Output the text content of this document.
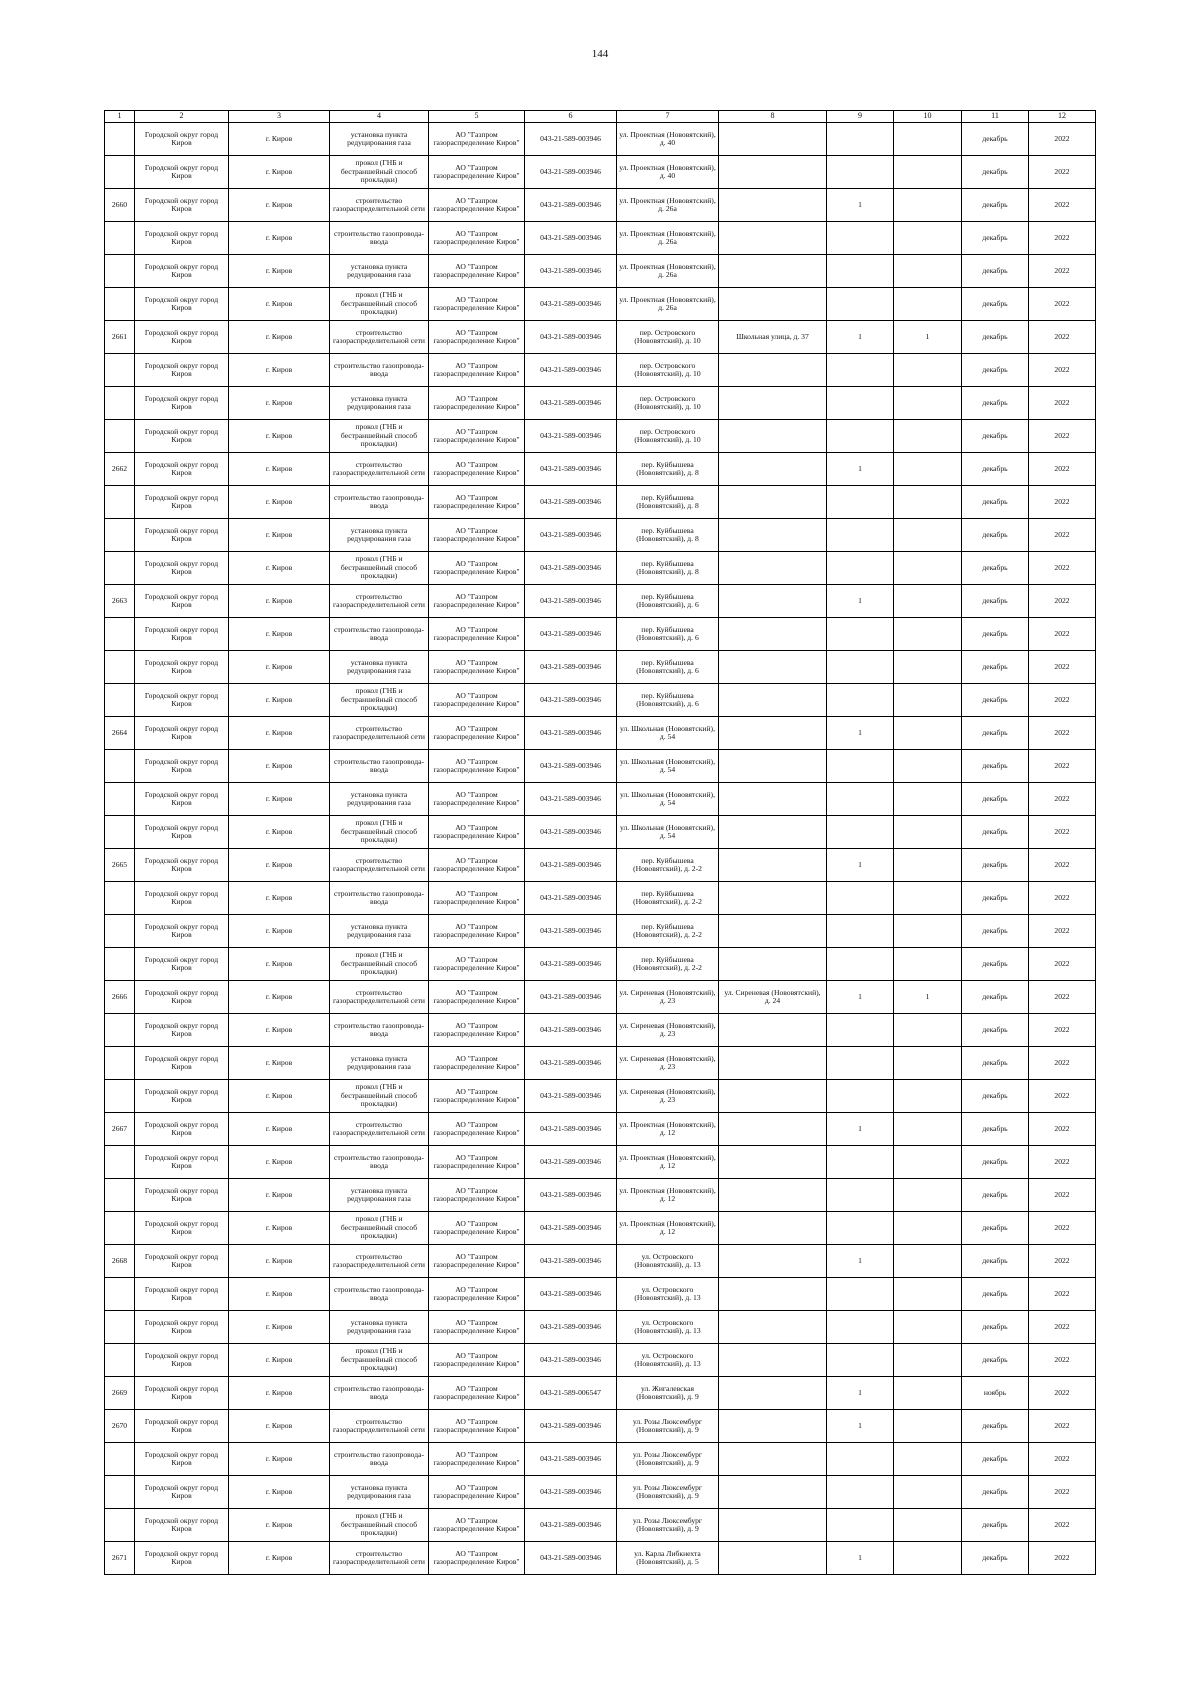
144
1	2	3	4	5	6	7	8	9	10	11	12

	Городской округ город Киров	г. Киров	установка пункта редуцирования газа	АО "Газпром газораспределение Киров"	043-21-589-003946	ул. Проектная (Нововятский), д. 40				декабрь	2022

	Городской округ город Киров	г. Киров	прокол (ГНБ и бестраншейный способ прокладки)	АО "Газпром газораспределение Киров"	043-21-589-003946	ул. Проектная (Нововятский), д. 40				декабрь	2022

2660	Городской округ город Киров	г. Киров	строительство газораспределительной сети	АО "Газпром газораспределение Киров"	043-21-589-003946	ул. Проектная (Нововятский), д. 26а		1		декабрь	2022

	Городской округ город Киров	г. Киров	строительство газопровода-ввода	АО "Газпром газораспределение Киров"	043-21-589-003946	ул. Проектная (Нововятский), д. 26а				декабрь	2022

	Городской округ город Киров	г. Киров	установка пункта редуцирования газа	АО "Газпром газораспределение Киров"	043-21-589-003946	ул. Проектная (Нововятский), д. 26а				декабрь	2022

	Городской округ город Киров	г. Киров	прокол (ГНБ и бестраншейный способ прокладки)	АО "Газпром газораспределение Киров"	043-21-589-003946	ул. Проектная (Нововятский), д. 26а				декабрь	2022

2661	Городской округ город Киров	г. Киров	строительство газораспределительной сети	АО "Газпром газораспределение Киров"	043-21-589-003946	пер. Островского (Нововятский), д. 10	Школьная улица, д. 37	1	1	декабрь	2022

	Городской округ город Киров	г. Киров	строительство газопровода-ввода	АО "Газпром газораспределение Киров"	043-21-589-003946	пер. Островского (Нововятский), д. 10				декабрь	2022

	Городской округ город Киров	г. Киров	установка пункта редуцирования газа	АО "Газпром газораспределение Киров"	043-21-589-003946	пер. Островского (Нововятский), д. 10				декабрь	2022

	Городской округ город Киров	г. Киров	прокол (ГНБ и бестраншейный способ прокладки)	АО "Газпром газораспределение Киров"	043-21-589-003946	пер. Островского (Нововятский), д. 10				декабрь	2022

2662	Городской округ город Киров	г. Киров	строительство газораспределительной сети	АО "Газпром газораспределение Киров"	043-21-589-003946	пер. Куйбышева (Нововятский), д. 8		1		декабрь	2022

	Городской округ город Киров	г. Киров	строительство газопровода-ввода	АО "Газпром газораспределение Киров"	043-21-589-003946	пер. Куйбышева (Нововятский), д. 8				декабрь	2022

	Городской округ город Киров	г. Киров	установка пункта редуцирования газа	АО "Газпром газораспределение Киров"	043-21-589-003946	пер. Куйбышева (Нововятский), д. 8				декабрь	2022

	Городской округ город Киров	г. Киров	прокол (ГНБ и бестраншейный способ прокладки)	АО "Газпром газораспределение Киров"	043-21-589-003946	пер. Куйбышева (Нововятский), д. 8				декабрь	2022

2663	Городской округ город Киров	г. Киров	строительство газораспределительной сети	АО "Газпром газораспределение Киров"	043-21-589-003946	пер. Куйбышева (Нововятский), д. 6		1		декабрь	2022

	Городской округ город Киров	г. Киров	строительство газопровода-ввода	АО "Газпром газораспределение Киров"	043-21-589-003946	пер. Куйбышева (Нововятский), д. 6				декабрь	2022

	Городской округ город Киров	г. Киров	установка пункта редуцирования газа	АО "Газпром газораспределение Киров"	043-21-589-003946	пер. Куйбышева (Нововятский), д. 6				декабрь	2022

	Городской округ город Киров	г. Киров	прокол (ГНБ и бестраншейный способ прокладки)	АО "Газпром газораспределение Киров"	043-21-589-003946	пер. Куйбышева (Нововятский), д. 6				декабрь	2022

2664	Городской округ город Киров	г. Киров	строительство газораспределительной сети	АО "Газпром газораспределение Киров"	043-21-589-003946	ул. Школьная (Нововятский), д. 54		1		декабрь	2022

	Городской округ город Киров	г. Киров	строительство газопровода-ввода	АО "Газпром газораспределение Киров"	043-21-589-003946	ул. Школьная (Нововятский), д. 54				декабрь	2022

	Городской округ город Киров	г. Киров	установка пункта редуцирования газа	АО "Газпром газораспределение Киров"	043-21-589-003946	ул. Школьная (Нововятский), д. 54				декабрь	2022

	Городской округ город Киров	г. Киров	прокол (ГНБ и бестраншейный способ прокладки)	АО "Газпром газораспределение Киров"	043-21-589-003946	ул. Школьная (Нововятский), д. 54				декабрь	2022

2665	Городской округ город Киров	г. Киров	строительство газораспределительной сети	АО "Газпром газораспределение Киров"	043-21-589-003946	пер. Куйбышева (Нововятский), д. 2-2		1		декабрь	2022

	Городской округ город Киров	г. Киров	строительство газопровода-ввода	АО "Газпром газораспределение Киров"	043-21-589-003946	пер. Куйбышева (Нововятский), д. 2-2				декабрь	2022

	Городской округ город Киров	г. Киров	установка пункта редуцирования газа	АО "Газпром газораспределение Киров"	043-21-589-003946	пер. Куйбышева (Нововятский), д. 2-2				декабрь	2022

	Городской округ город Киров	г. Киров	прокол (ГНБ и бестраншейный способ прокладки)	АО "Газпром газораспределение Киров"	043-21-589-003946	пер. Куйбышева (Нововятский), д. 2-2				декабрь	2022

2666	Городской округ город Киров	г. Киров	строительство газораспределительной сети	АО "Газпром газораспределение Киров"	043-21-589-003946	ул. Сиреневая (Нововятский), д. 23	ул. Сиреневая (Нововятский), д. 24	1	1	декабрь	2022

	Городской округ город Киров	г. Киров	строительство газопровода-ввода	АО "Газпром газораспределение Киров"	043-21-589-003946	ул. Сиреневая (Нововятский), д. 23				декабрь	2022

	Городской округ город Киров	г. Киров	установка пункта редуцирования газа	АО "Газпром газораспределение Киров"	043-21-589-003946	ул. Сиреневая (Нововятский), д. 23				декабрь	2022

	Городской округ город Киров	г. Киров	прокол (ГНБ и бестраншейный способ прокладки)	АО "Газпром газораспределение Киров"	043-21-589-003946	ул. Сиреневая (Нововятский), д. 23				декабрь	2022

2667	Городской округ город Киров	г. Киров	строительство газораспределительной сети	АО "Газпром газораспределение Киров"	043-21-589-003946	ул. Проектная (Нововятский), д. 12		1		декабрь	2022

	Городской округ город Киров	г. Киров	строительство газопровода-ввода	АО "Газпром газораспределение Киров"	043-21-589-003946	ул. Проектная (Нововятский), д. 12				декабрь	2022

	Городской округ город Киров	г. Киров	установка пункта редуцирования газа	АО "Газпром газораспределение Киров"	043-21-589-003946	ул. Проектная (Нововятский), д. 12				декабрь	2022

	Городской округ город Киров	г. Киров	прокол (ГНБ и бестраншейный способ прокладки)	АО "Газпром газораспределение Киров"	043-21-589-003946	ул. Проектная (Нововятский), д. 12				декабрь	2022

2668	Городской округ город Киров	г. Киров	строительство газораспределительной сети	АО "Газпром газораспределение Киров"	043-21-589-003946	ул. Островского (Нововятский), д. 13		1		декабрь	2022

	Городской округ город Киров	г. Киров	строительство газопровода-ввода	АО "Газпром газораспределение Киров"	043-21-589-003946	ул. Островского (Нововятский), д. 13				декабрь	2022

	Городской округ город Киров	г. Киров	установка пункта редуцирования газа	АО "Газпром газораспределение Киров"	043-21-589-003946	ул. Островского (Нововятский), д. 13				декабрь	2022

	Городской округ город Киров	г. Киров	прокол (ГНБ и бестраншейный способ прокладки)	АО "Газпром газораспределение Киров"	043-21-589-003946	ул. Островского (Нововятский), д. 13				декабрь	2022

2669	Городской округ город Киров	г. Киров	строительство газопровода-ввода	АО "Газпром газораспределение Киров"	043-21-589-006547	ул. Жигалевская (Нововятский), д. 9		1		ноябрь	2022

2670	Городской округ город Киров	г. Киров	строительство газораспределительной сети	АО "Газпром газораспределение Киров"	043-21-589-003946	ул. Розы Люксембург (Нововятский), д. 9		1		декабрь	2022

	Городской округ город Киров	г. Киров	строительство газопровода-ввода	АО "Газпром газораспределение Киров"	043-21-589-003946	ул. Розы Люксембург (Нововятский), д. 9				декабрь	2022

	Городской округ город Киров	г. Киров	установка пункта редуцирования газа	АО "Газпром газораспределение Киров"	043-21-589-003946	ул. Розы Люксембург (Нововятский), д. 9				декабрь	2022

	Городской округ город Киров	г. Киров	прокол (ГНБ и бестраншейный способ прокладки)	АО "Газпром газораспределение Киров"	043-21-589-003946	ул. Розы Люксембург (Нововятский), д. 9				декабрь	2022

2671	Городской округ город Киров	г. Киров	строительство газораспределительной сети	АО "Газпром газораспределение Киров"	043-21-589-003946	ул. Карла Либкнехта (Нововятский), д. 5		1		декабрь	2022
